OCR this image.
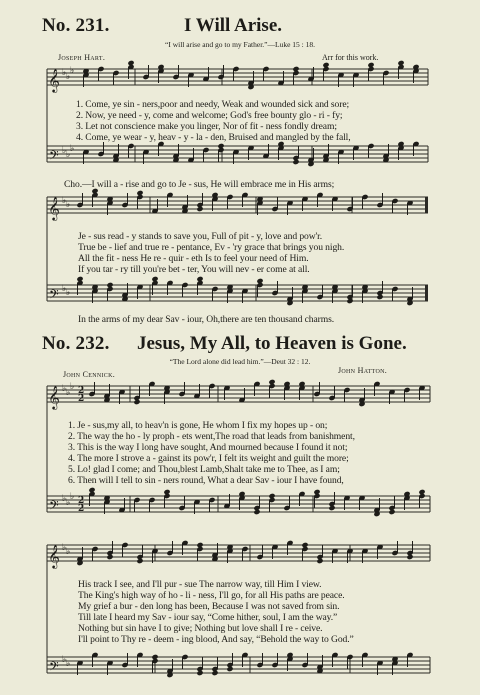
No. 231.	I Will Arise.
“I will arise and go to my Father.”—Luke 15 : 18.
Joseph Hart.	Arr for this work.
𝄞
𝄢
𝄞
𝄢
𝄞
𝄢
𝄞
𝄢
♭ ♭
♭
♭ ♭
♭
♭ ♭
♭ ♭
♭ ♭
♭
♭ ♭
♭
♭ ♭
♭ ♭
2
2
2
2
1. Come, ye sin - ners,poor and needy, Weak and wounded sick and sore;
2. Now, ye need - y, come and welcome; God's free bounty glo - ri - fy;
3. Let not conscience make you linger, Nor of fit - ness fondly dream;
4. Come, ye wear - y, heav - y - la - den, Bruised and mangled by the fall,
Cho.—I will a - rise and go to Je - sus, He will embrace me in His arms;
Je - sus read - y stands to save you, Full of pit - y, love and pow'r.
True be - lief and true re - pentance, Ev - 'ry grace that brings you nigh.
All the fit - ness He re - quir - eth Is to feel your need of Him.
If you tar - ry till you're bet - ter, You will nev - er come at all.
In the arms of my dear Sav - iour, Oh,there are ten thousand charms.
No. 232. Jesus, My All, to Heaven is Gone.
“The Lord alone did lead him.”—Deut 32 : 12.
John Cennick.	John Hatton.
1. Je - sus,my all, to heav'n is gone, He whom I fix my hopes up - on;
2. The way the ho - ly proph - ets went,The road that leads from banishment,
3. This is the way I long have sought, And mourned because I found it not;
4. The more I strove a - gainst its pow'r, I felt its weight and guilt the more;
5. Lo! glad I come; and Thou,blest Lamb,Shalt take me to Thee, as I am;
6. Then will I tell to sin - ners round, What a dear Sav - iour I have found,
His track I see, and I'll pur - sue The narrow way, till Him I view.
The King's high way of ho - li - ness, I'll go, for all His paths are peace.
My grief a bur - den long has been, Because I was not saved from sin.
Till late I heard my Sav - iour say, “Come hither, soul, I am the way.”
Nothing but sin have I to give; Nothing but love shall I re - ceive.
I'll point to Thy re - deem - ing blood, And say, “Behold the way to God.”
